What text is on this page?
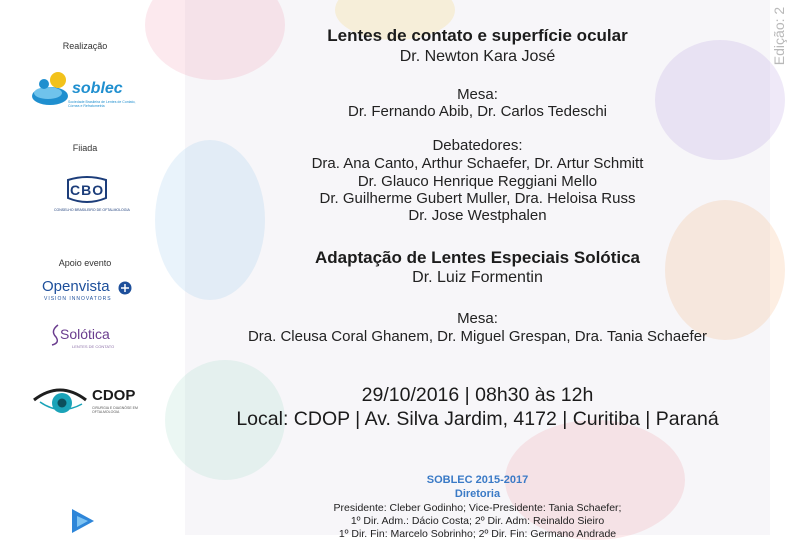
Realização
soblec
Sociedade Brasileira de Lentes de Contato, Córnea e Refratometria
Fiiada
CBO
CONSELHO BRASILEIRO DE OFTALMOLOGIA
Apoio evento
Openvista
VISION INNOVATORS
Solótica
LENTES DE CONTATO
CDOP
CIRURGIA E DIAGNÓSE EM OFTALMOLOGIA
Edição: 2
Lentes de contato e superfície ocular
Dr. Newton Kara José
Mesa:
Dr. Fernando Abib, Dr. Carlos Tedeschi
Debatedores:
Dra. Ana Canto, Arthur Schaefer, Dr. Artur Schmitt
Dr. Glauco Henrique Reggiani Mello
Dr. Guilherme Gubert Muller, Dra. Heloisa Russ
Dr. Jose Westphalen
Adaptação de Lentes Especiais Solótica
Dr. Luiz Formentin
Mesa:
Dra. Cleusa Coral Ghanem, Dr. Miguel Grespan, Dra. Tania Schaefer
29/10/2016 | 08h30 às 12h
Local: CDOP | Av. Silva Jardim, 4172 | Curitiba | Paraná
SOBLEC 2015-2017
Diretoria
Presidente: Cleber Godinho; Vice-Presidente: Tania Schaefer;
1º Dir. Adm.: Dácio Costa; 2º Dir. Adm: Reinaldo Sieiro
1º Dir. Fin: Marcelo Sobrinho; 2º Dir. Fin: Germano Andrade
